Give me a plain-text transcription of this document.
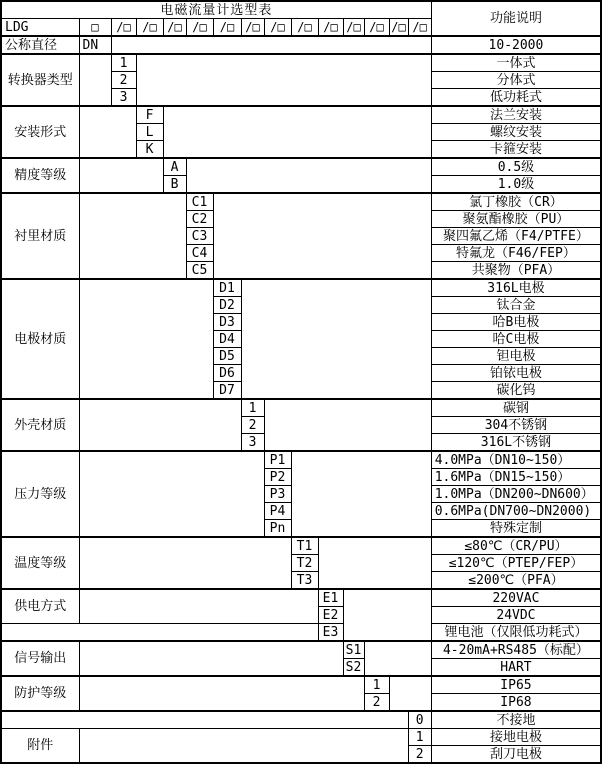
电磁流量计选型表															功能说明
LDG	□	/□	/□	/□	/□	/□	/□	/□	/□	/□	/□	/□	/□	/□	
公称直径	DN														10-2000
转换器类型		1													一体式
		2													分体式
		3													低功耗式
安装形式			F												法兰安装
			L												螺纹安装
			K												卡箍安装
精度等级				A											0.5级
				B											1.0级
衬里材质					C1										氯丁橡胶（CR）
					C2										聚氨酯橡胶（PU）
					C3										聚四氟乙烯（F4/PTFE）
					C4										特氟龙（F46/FEP）
					C5										共聚物（PFA）
电极材质						D1									316L电极
						D2									钛合金
						D3									哈B电极
						D4									哈C电极
						D5									钽电极
						D6									铂铱电极
						D7									碳化钨
外壳材质							1								碳钢
							2								304不锈钢
							3								316L不锈钢
压力等级								P1							4.0MPa（DN10~150）
								P2							1.6MPa（DN15~150）
								P3							1.0MPa（DN200~DN600）
								P4							0.6MPa(DN700~DN2000)
								Pn							特殊定制
温度等级									T1						≤80℃（CR/PU）
									T2						≤120℃（PTEP/FEP）
									T3						≤200℃（PFA）
供电方式										E1					220VAC
										E2					24VDC
										E3					锂电池（仅限低功耗式）
信号输出											S1				4-20mA+RS485（标配）
											S2				HART
防护等级												1			IP65
												2			IP68
														0	不接地
附件														1	接地电极
														2	刮刀电极
